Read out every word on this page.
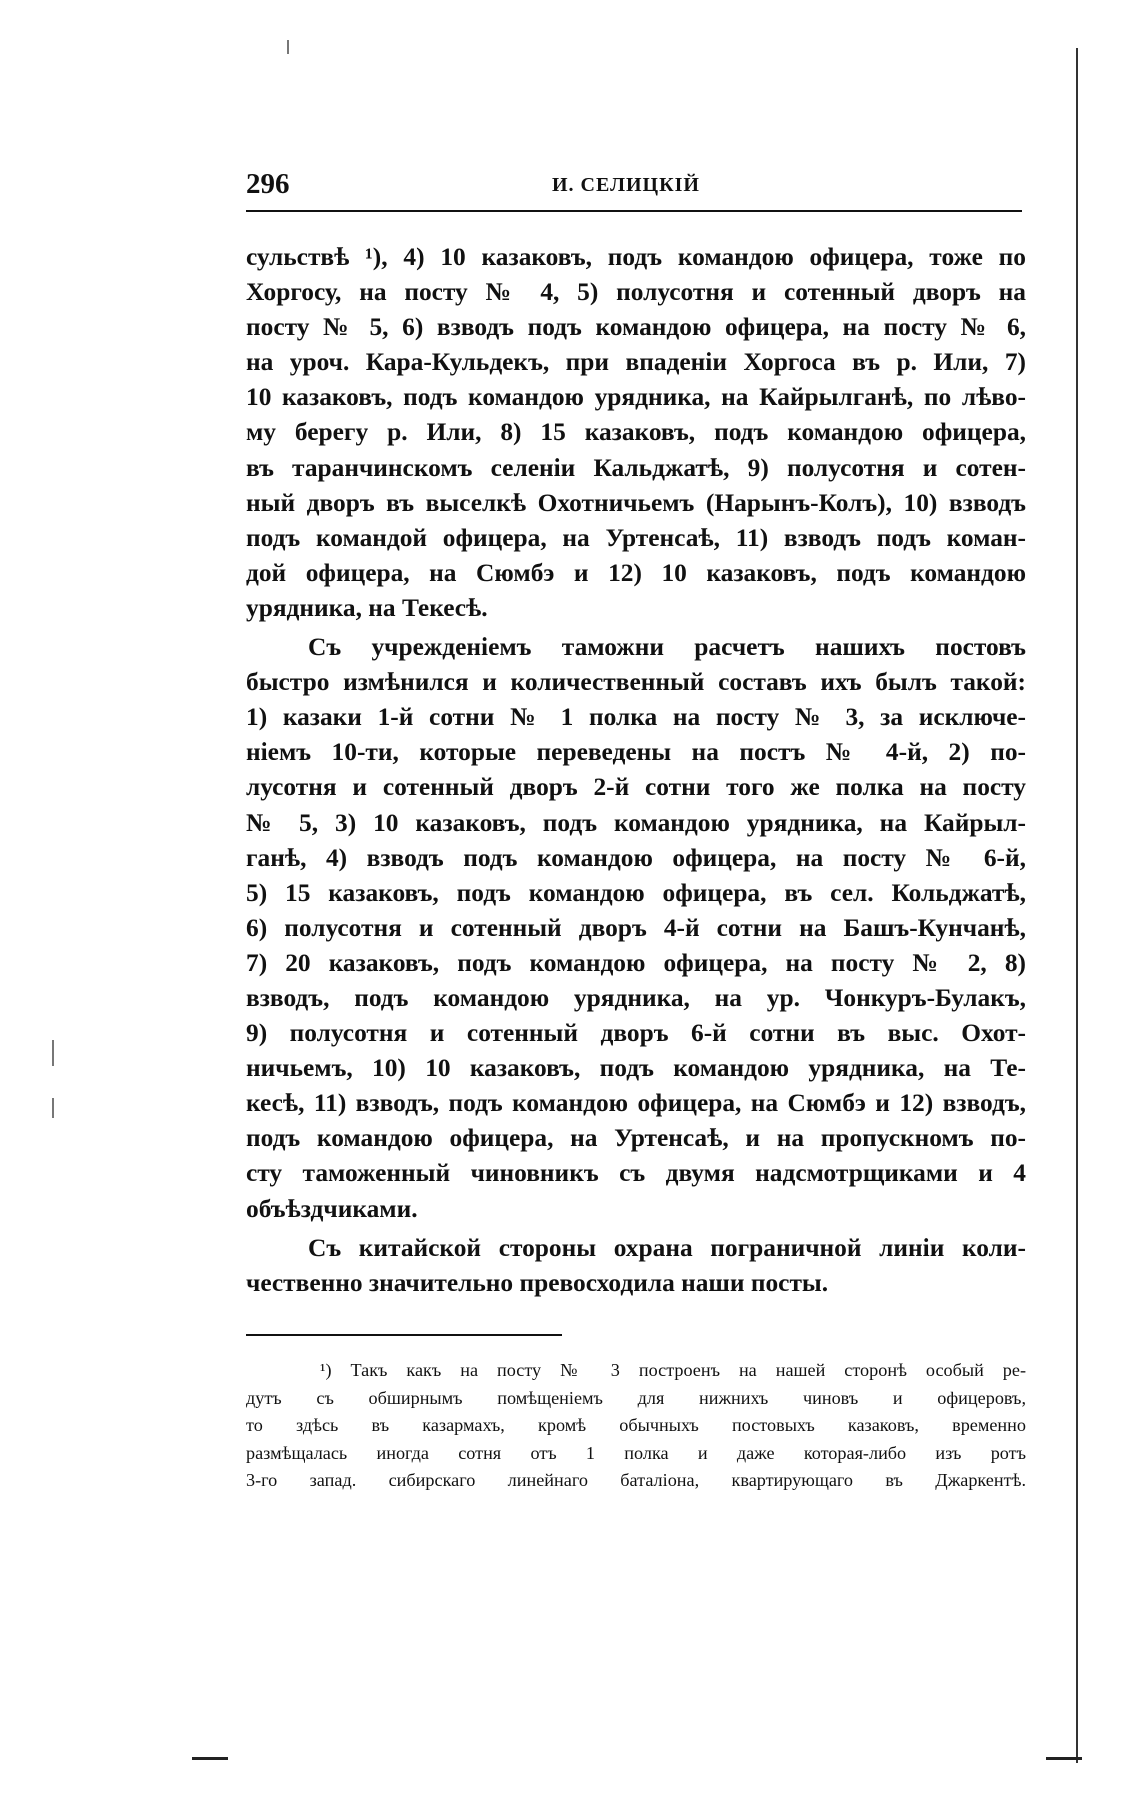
296	И. СЕЛИЦКІЙ
сульствѣ ¹), 4) 10 казаковъ, подъ командою офицера, тоже по
Хоргосу, на посту № 4, 5) полусотня и сотенный дворъ на
посту № 5, 6) взводъ подъ командою офицера, на посту № 6,
на уроч. Кара-Кульдекъ, при впаденіи Хоргоса въ р. Или, 7)
10 казаковъ, подъ командою урядника, на Кайрылганѣ, по лѣво-
му берегу р. Или, 8) 15 казаковъ, подъ командою офицера,
въ таранчинскомъ селеніи Кальджатѣ, 9) полусотня и сотен-
ный дворъ въ выселкѣ Охотничьемъ (Нарынъ-Колъ), 10) взводъ
подъ командой офицера, на Уртенсаѣ, 11) взводъ подъ коман-
дой офицера, на Сюмбэ и 12) 10 казаковъ, подъ командою
урядника, на Текесѣ.
Съ учрежденіемъ таможни расчетъ нашихъ постовъ
быстро измѣнился и количественный составъ ихъ былъ такой:
1) казаки 1-й сотни № 1 полка на посту № 3, за исключе-
ніемъ 10-ти, которые переведены на постъ № 4-й, 2) по-
лусотня и сотенный дворъ 2-й сотни того же полка на посту
№ 5, 3) 10 казаковъ, подъ командою урядника, на Кайрыл-
ганѣ, 4) взводъ подъ командою офицера, на посту № 6-й,
5) 15 казаковъ, подъ командою офицера, въ сел. Кольджатѣ,
6) полусотня и сотенный дворъ 4-й сотни на Башъ-Кунчанѣ,
7) 20 казаковъ, подъ командою офицера, на посту № 2, 8)
взводъ, подъ командою урядника, на ур. Чонкуръ-Булакъ,
9) полусотня и сотенный дворъ 6-й сотни въ выс. Охот-
ничьемъ, 10) 10 казаковъ, подъ командою урядника, на Те-
кесѣ, 11) взводъ, подъ командою офицера, на Сюмбэ и 12) взводъ,
подъ командою офицера, на Уртенсаѣ, и на пропускномъ по-
сту таможенный чиновникъ съ двумя надсмотрщиками и 4
объѣздчиками.
Съ китайской стороны охрана пограничной линіи коли-
чественно значительно превосходила наши посты.
¹) Такъ какъ на посту № 3 построенъ на нашей сторонѣ особый ре-
дутъ съ обширнымъ помѣщеніемъ для нижнихъ чиновъ и офицеровъ,
то здѣсь въ казармахъ, кромѣ обычныхъ постовыхъ казаковъ, временно
размѣщалась иногда сотня отъ 1 полка и даже которая-либо изъ ротъ
3-го запад. сибирскаго линейнаго баталіона, квартирующаго въ Джаркентѣ.
